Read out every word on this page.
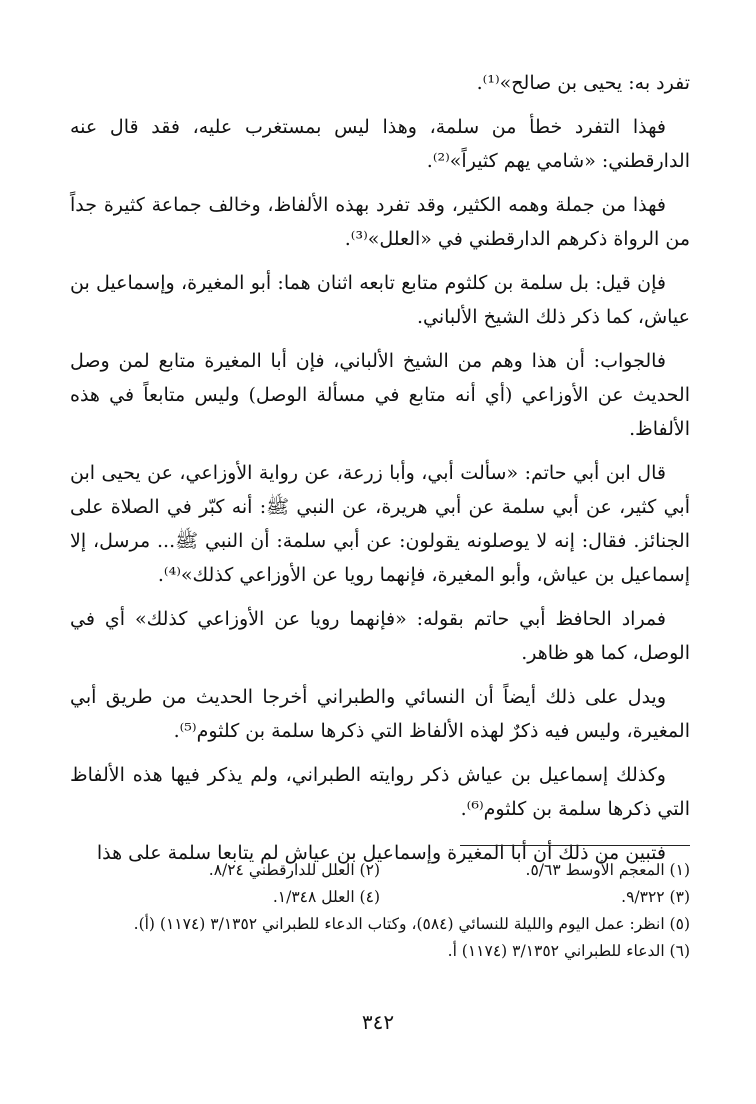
تفرد به: يحيى بن صالح»⁽¹⁾.

فهذا التفرد خطأ من سلمة، وهذا ليس بمستغرب عليه، فقد قال عنه الدارقطني: «شامي يهم كثيراً»⁽²⁾.

فهذا من جملة وهمه الكثير، وقد تفرد بهذه الألفاظ، وخالف جماعة كثيرة جداً من الرواة ذكرهم الدارقطني في «العلل»⁽³⁾.

فإن قيل: بل سلمة بن كلثوم متابع تابعه اثنان هما: أبو المغيرة، وإسماعيل بن عياش، كما ذكر ذلك الشيخ الألباني.

فالجواب: أن هذا وهم من الشيخ الألباني، فإن أبا المغيرة متابع لمن وصل الحديث عن الأوزاعي (أي أنه متابع في مسألة الوصل) وليس متابعاً في هذه الألفاظ.

قال ابن أبي حاتم: «سألت أبي، وأبا زرعة، عن رواية الأوزاعي، عن يحيى ابن أبي كثير، عن أبي سلمة عن أبي هريرة، عن النبي ﷺ: أنه كبّر في الصلاة على الجنائز. فقال: إنه لا يوصلونه يقولون: عن أبي سلمة: أن النبي ﷺ... مرسل، إلا إسماعيل بن عياش، وأبو المغيرة، فإنهما رويا عن الأوزاعي كذلك»⁽⁴⁾.

فمراد الحافظ أبي حاتم بقوله: «فإنهما رويا عن الأوزاعي كذلك» أي في الوصل، كما هو ظاهر.

ويدل على ذلك أيضاً أن النسائي والطبراني أخرجا الحديث من طريق أبي المغيرة، وليس فيه ذكرٌ لهذه الألفاظ التي ذكرها سلمة بن كلثوم⁽⁵⁾.

وكذلك إسماعيل بن عياش ذكر روايته الطبراني، ولم يذكر فيها هذه الألفاظ التي ذكرها سلمة بن كلثوم⁽⁶⁾.

فتبين من ذلك أن أبا المغيرة وإسماعيل بن عياش لم يتابعا سلمة على هذا

(١) المعجم الأوسط ٥/٦٣.
(٢) العلل للدارقطني ٨/٢٤.
(٣) ٩/٣٢٢.
(٤) العلل ١/٣٤٨.
(٥) انظر: عمل اليوم والليلة للنسائي (٥٨٤)، وكتاب الدعاء للطبراني ٣/١٣٥٢ (١١٧٤) (أ).
(٦) الدعاء للطبراني ٣/١٣٥٢ (١١٧٤) أ.
٣٤٢
